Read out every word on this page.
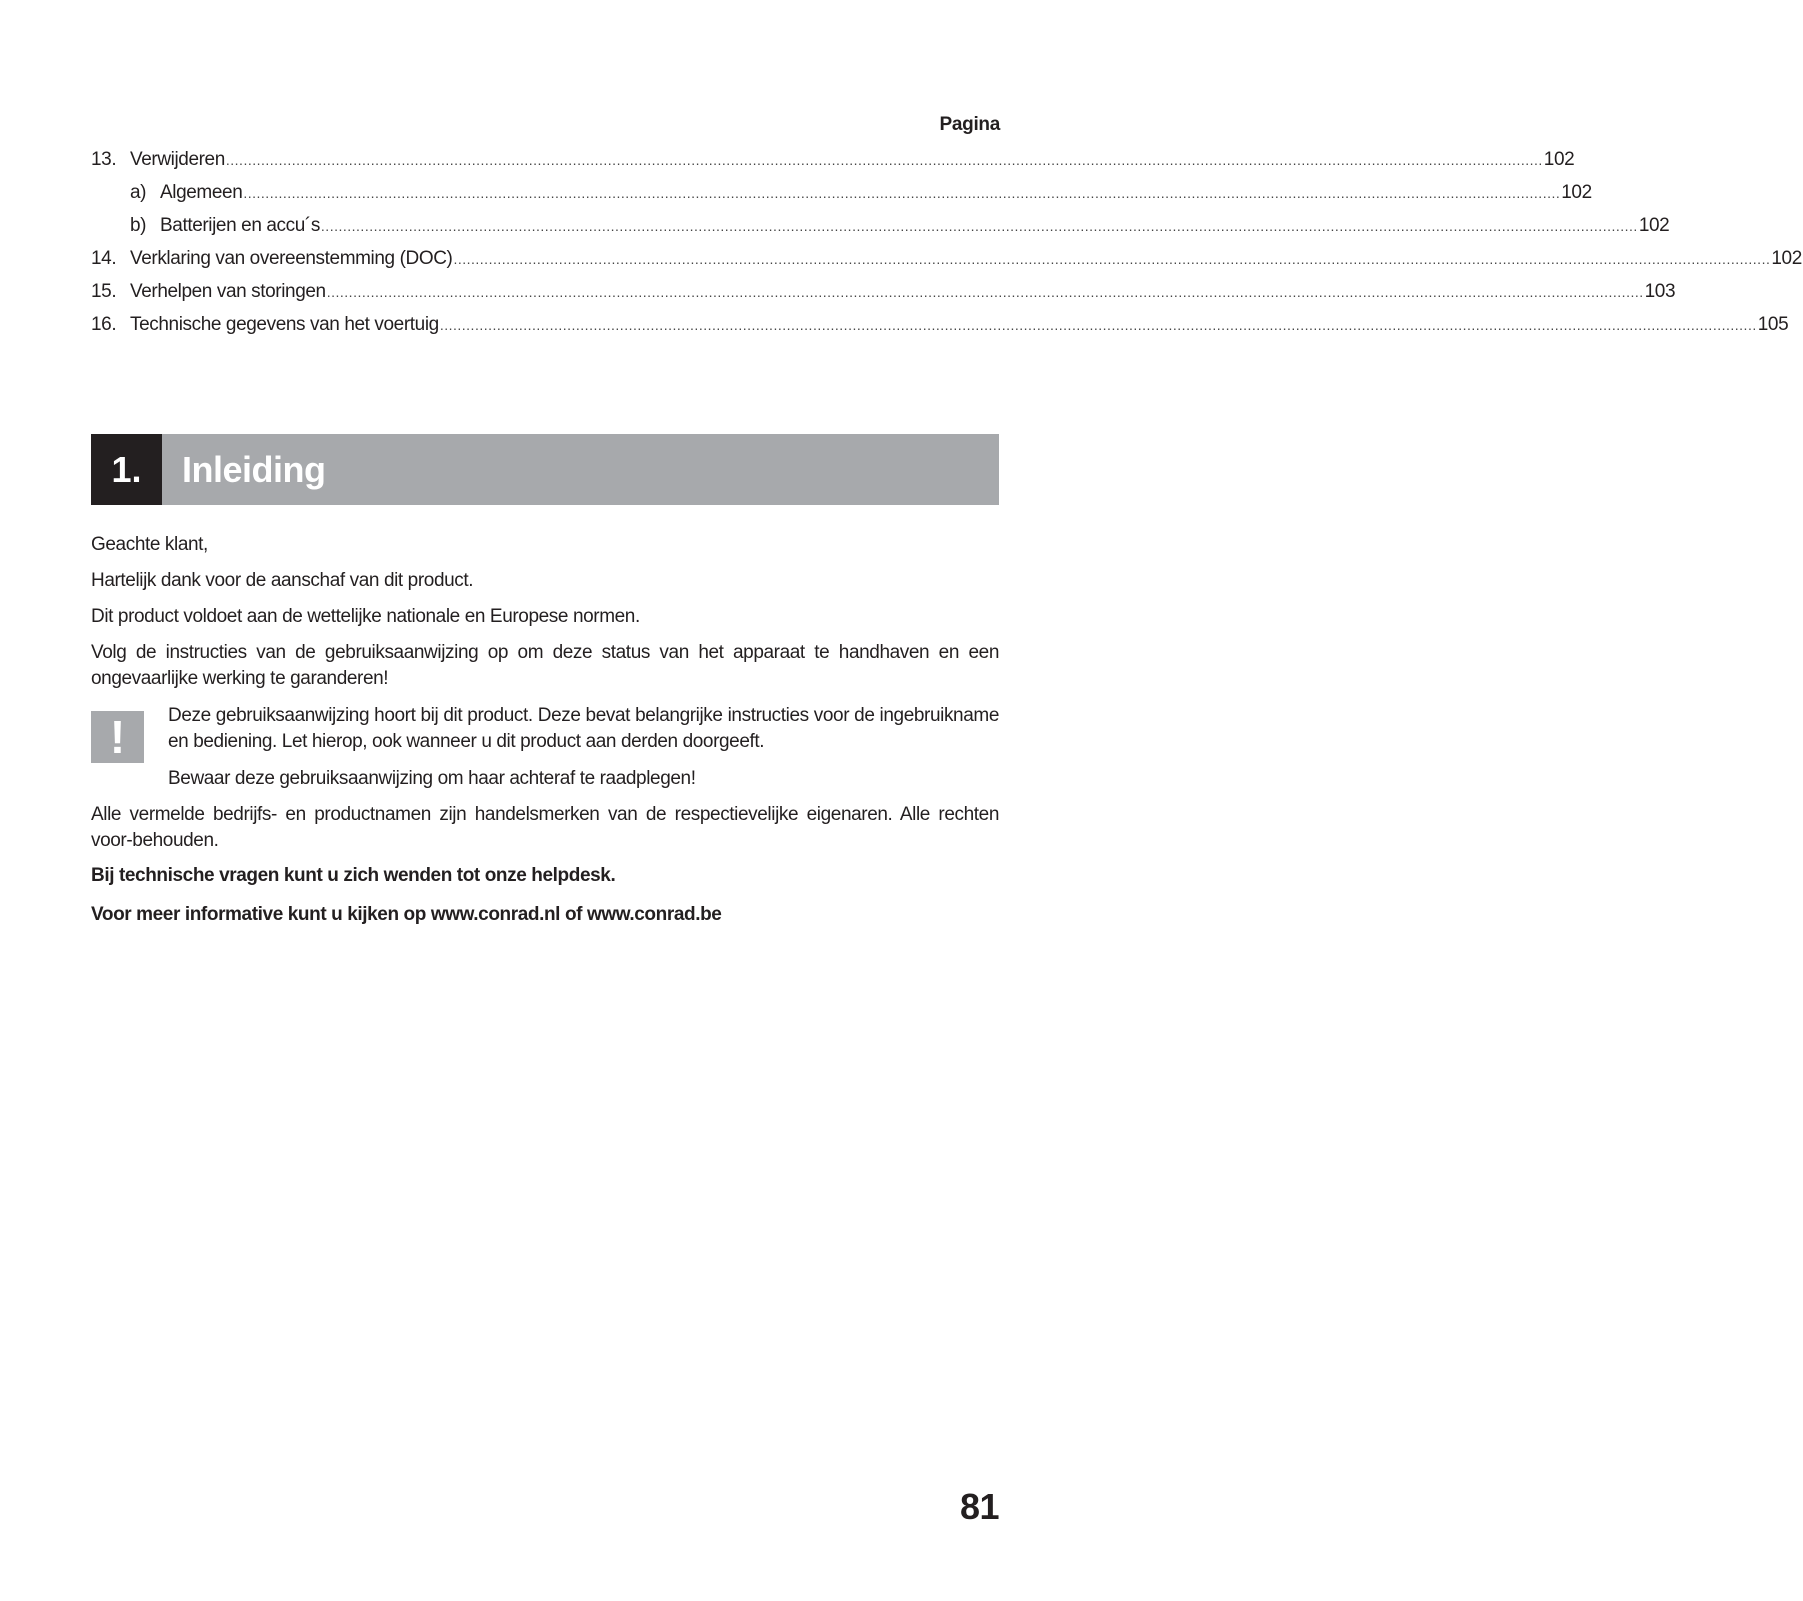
Pagina
13. Verwijderen ............................................................................................................................................................................................................................................................................................................ 102
a) Algemeen ............................................................................................................................................................................................................................................................................................................ 102
b) Batterijen en accu´s ............................................................................................................................................................................................................................................................................................................ 102
14. Verklaring van overeenstemming (DOC) ............................................................................................................................................................................................................................................................................................................ 102
15. Verhelpen van storingen ............................................................................................................................................................................................................................................................................................................ 103
16. Technische gegevens van het voertuig ............................................................................................................................................................................................................................................................................................................ 105
1.	Inleiding

Geachte klant,

Hartelijk dank voor de aanschaf van dit product.

Dit product voldoet aan de wettelijke nationale en Europese normen.

Volg de instructies van de gebruiksaanwijzing op om deze status van het apparaat te handhaven en een ongevaarlijke werking te garanderen!

!	Deze gebruiksaanwijzing hoort bij dit product. Deze bevat belangrijke instructies voor de ingebruikname en bediening. Let hierop, ook wanneer u dit product aan derden doorgeeft.

Bewaar deze gebruiksaanwijzing om haar achteraf te raadplegen!

Alle vermelde bedrijfs- en productnamen zijn handelsmerken van de respectievelijke eigenaren. Alle rechten voor-behouden.

Bij technische vragen kunt u zich wenden tot onze helpdesk.

Voor meer informative kunt u kijken op www.conrad.nl of www.conrad.be

81
